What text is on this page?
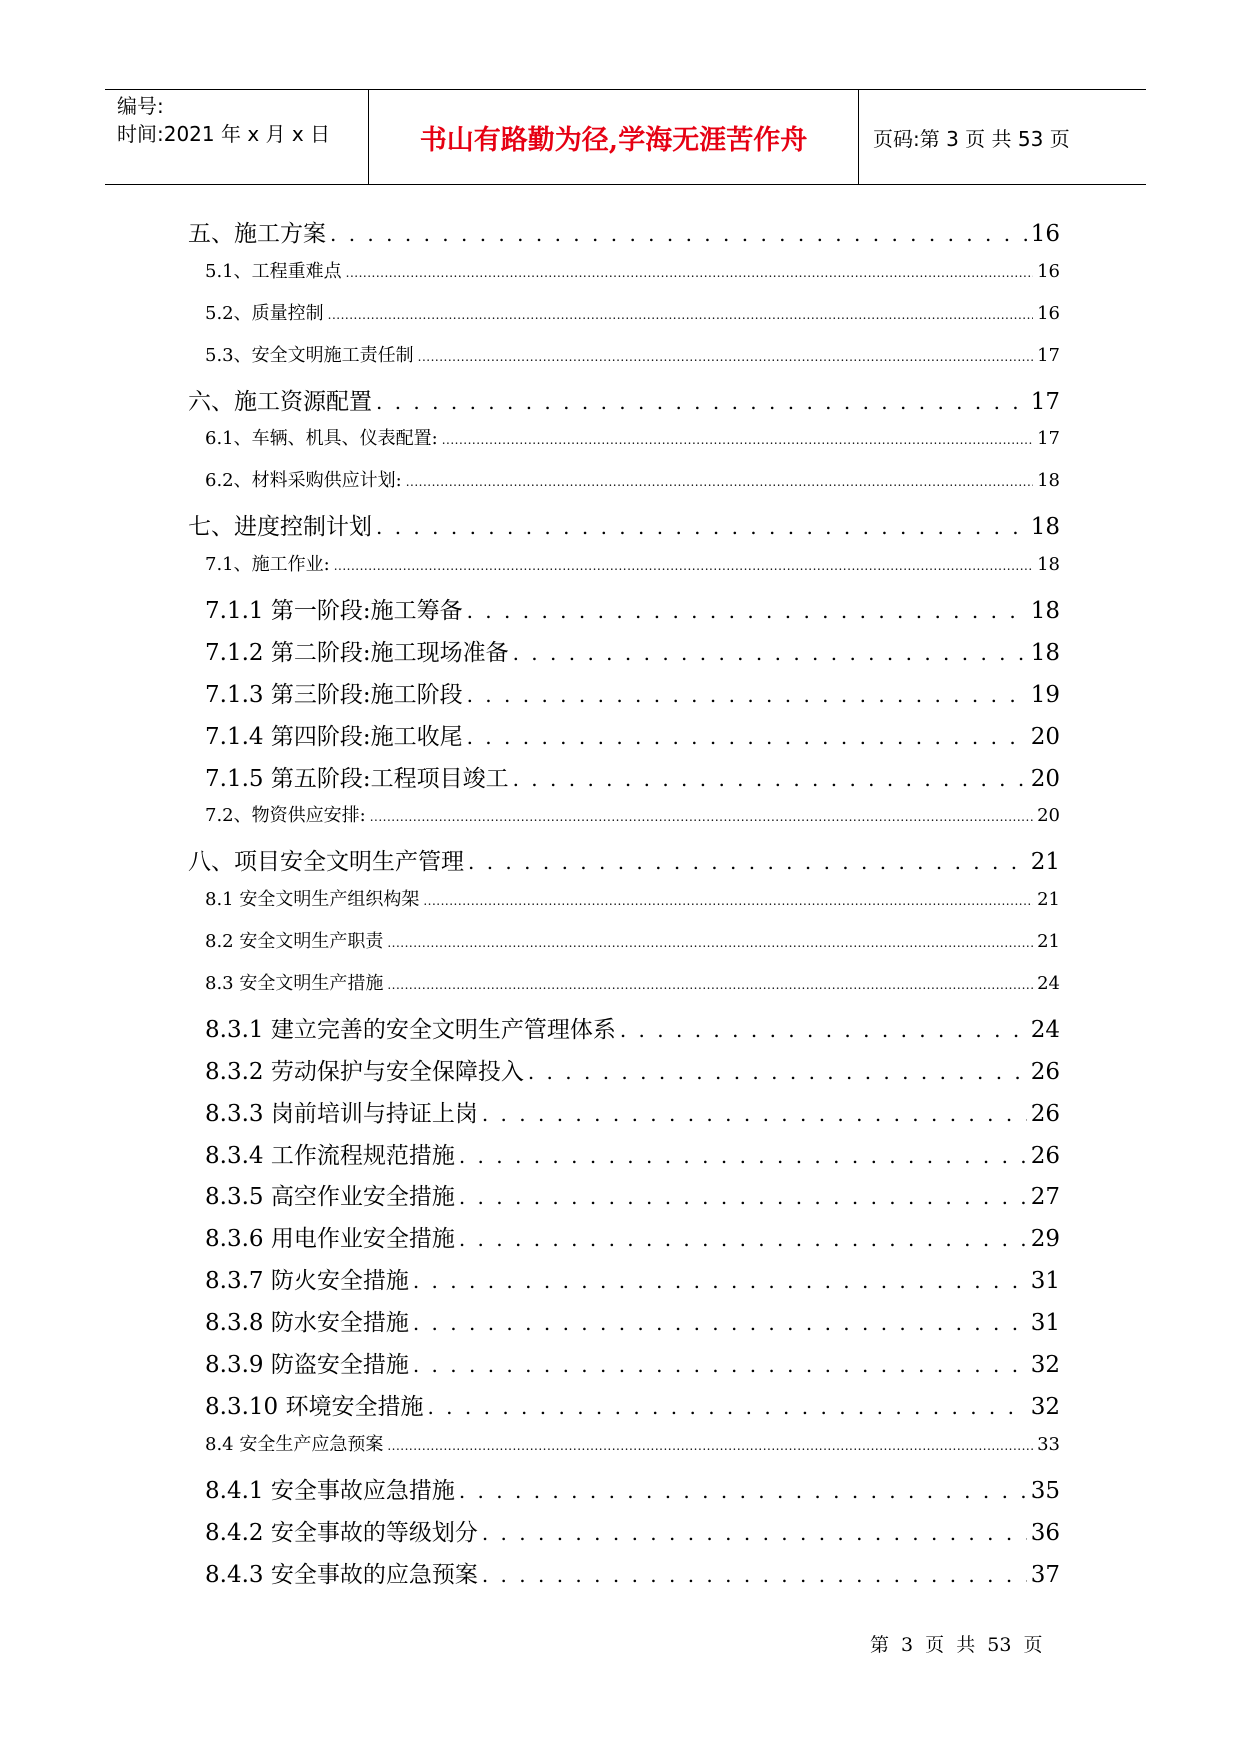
编号:
时间:2021 年 x 月 x 日	书山有路勤为径,学海无涯苦作舟	页码:第 3 页 共 53 页
五、施工方案 . . .	16
5.1、工程重难点 .....	16
5.2、质量控制 .....	16
5.3、安全文明施工责任制 .....	17
六、施工资源配置 . . .	17
6.1、车辆、机具、仪表配置: .....	17
6.2、材料采购供应计划: .....	18
七、进度控制计划 . . .	18
7.1、施工作业: .....	18
7.1.1 第一阶段:施工筹备 . . .	18
7.1.2 第二阶段:施工现场准备 . . .	18
7.1.3 第三阶段:施工阶段 . . .	19
7.1.4 第四阶段:施工收尾 . . .	20
7.1.5 第五阶段:工程项目竣工 . . .	20
7.2、物资供应安排: .....	20
八、项目安全文明生产管理 . . .	21
8.1 安全文明生产组织构架 .....	21
8.2 安全文明生产职责 .....	21
8.3 安全文明生产措施 .....	24
8.3.1 建立完善的安全文明生产管理体系 . . .	24
8.3.2 劳动保护与安全保障投入 . . .	26
8.3.3 岗前培训与持证上岗 . . .	26
8.3.4 工作流程规范措施 . . .	26
8.3.5 高空作业安全措施 . . .	27
8.3.6 用电作业安全措施 . . .	29
8.3.7 防火安全措施 . . .	31
8.3.8 防水安全措施 . . .	31
8.3.9 防盗安全措施 . . .	32
8.3.10 环境安全措施 . . .	32
8.4 安全生产应急预案 .....	33
8.4.1 安全事故应急措施 . . .	35
8.4.2 安全事故的等级划分 . . .	36
8.4.3 安全事故的应急预案 . . .	37
第 3 页 共 53 页
